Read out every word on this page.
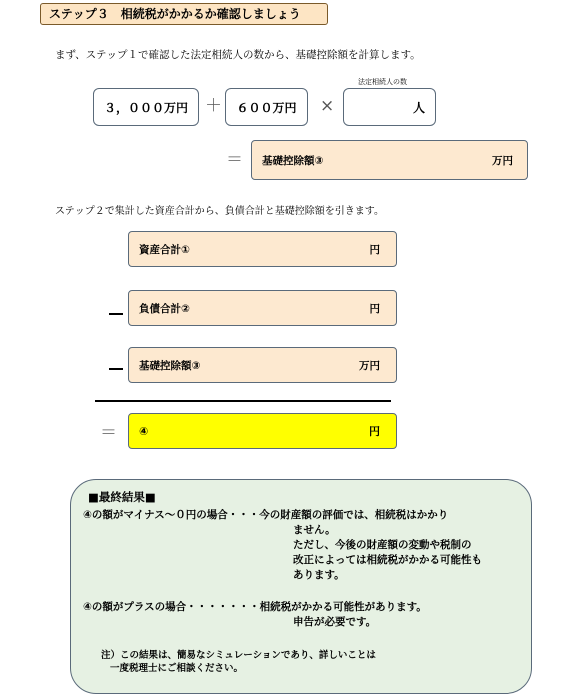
ステップ３　相続税がかかるか確認しましょう
まず、ステップ１で確認した法定相続人の数から、基礎控除額を計算します。
３，０００万円	＋	６００万円	×
法定相続人の数
人
＝ 基礎控除額③	万円
ステップ２で集計した資産合計から、負債合計と基礎控除額を引きます。
資産合計①	円
負債合計②	円
基礎控除額③	万円
＝ ④	円
■最終結果■
④の額がマイナス～０円の場合・・・今の財産額の評価では、相続税はかかり
ません。
ただし、今後の財産額の変動や税制の
改正によっては相続税がかかる可能性も
あります。
④の額がプラスの場合・・・・・・・相続税がかかる可能性があります。
申告が必要です。
注）この結果は、簡易なシミュレーションであり、詳しいことは
一度税理士にご相談ください。
